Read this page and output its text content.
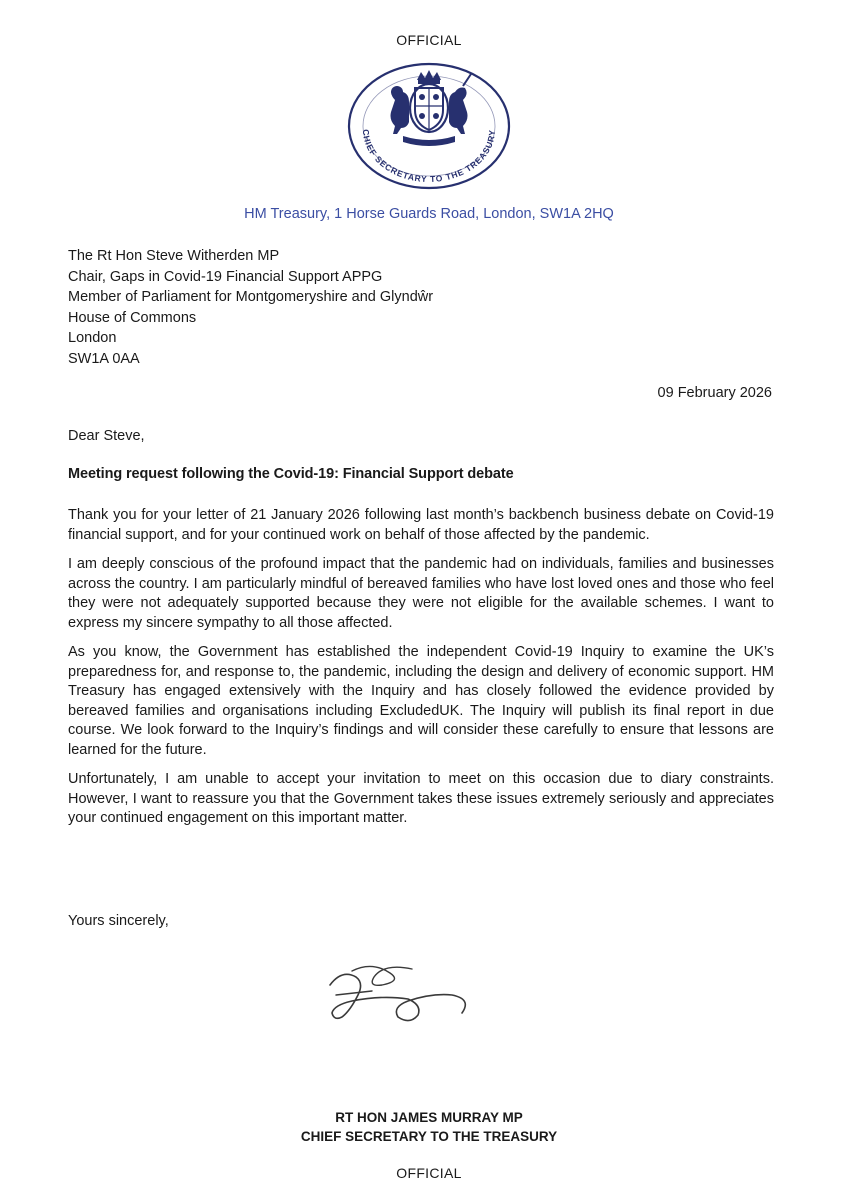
OFFICIAL
CHIEF SECRETARY TO THE TREASURY
HM Treasury, 1 Horse Guards Road, London, SW1A 2HQ
The Rt Hon Steve Witherden MP
Chair, Gaps in Covid-19 Financial Support APPG
Member of Parliament for Montgomeryshire and Glyndŵr
House of Commons
London
SW1A 0AA
09 February 2026
Dear Steve,
Meeting request following the Covid-19: Financial Support debate

Thank you for your letter of 21 January 2026 following last month’s backbench business debate on Covid-19 financial support, and for your continued work on behalf of those affected by the pandemic.

I am deeply conscious of the profound impact that the pandemic had on individuals, families and businesses across the country. I am particularly mindful of bereaved families who have lost loved ones and those who feel they were not adequately supported because they were not eligible for the available schemes. I want to express my sincere sympathy to all those affected.

As you know, the Government has established the independent Covid-19 Inquiry to examine the UK’s preparedness for, and response to, the pandemic, including the design and delivery of economic support. HM Treasury has engaged extensively with the Inquiry and has closely followed the evidence provided by bereaved families and organisations including ExcludedUK. The Inquiry will publish its final report in due course. We look forward to the Inquiry’s findings and will consider these carefully to ensure that lessons are learned for the future.

Unfortunately, I am unable to accept your invitation to meet on this occasion due to diary constraints. However, I want to reassure you that the Government takes these issues extremely seriously and appreciates your continued engagement on this important matter.

Yours sincerely,
RT HON JAMES MURRAY MP
CHIEF SECRETARY TO THE TREASURY
OFFICIAL
